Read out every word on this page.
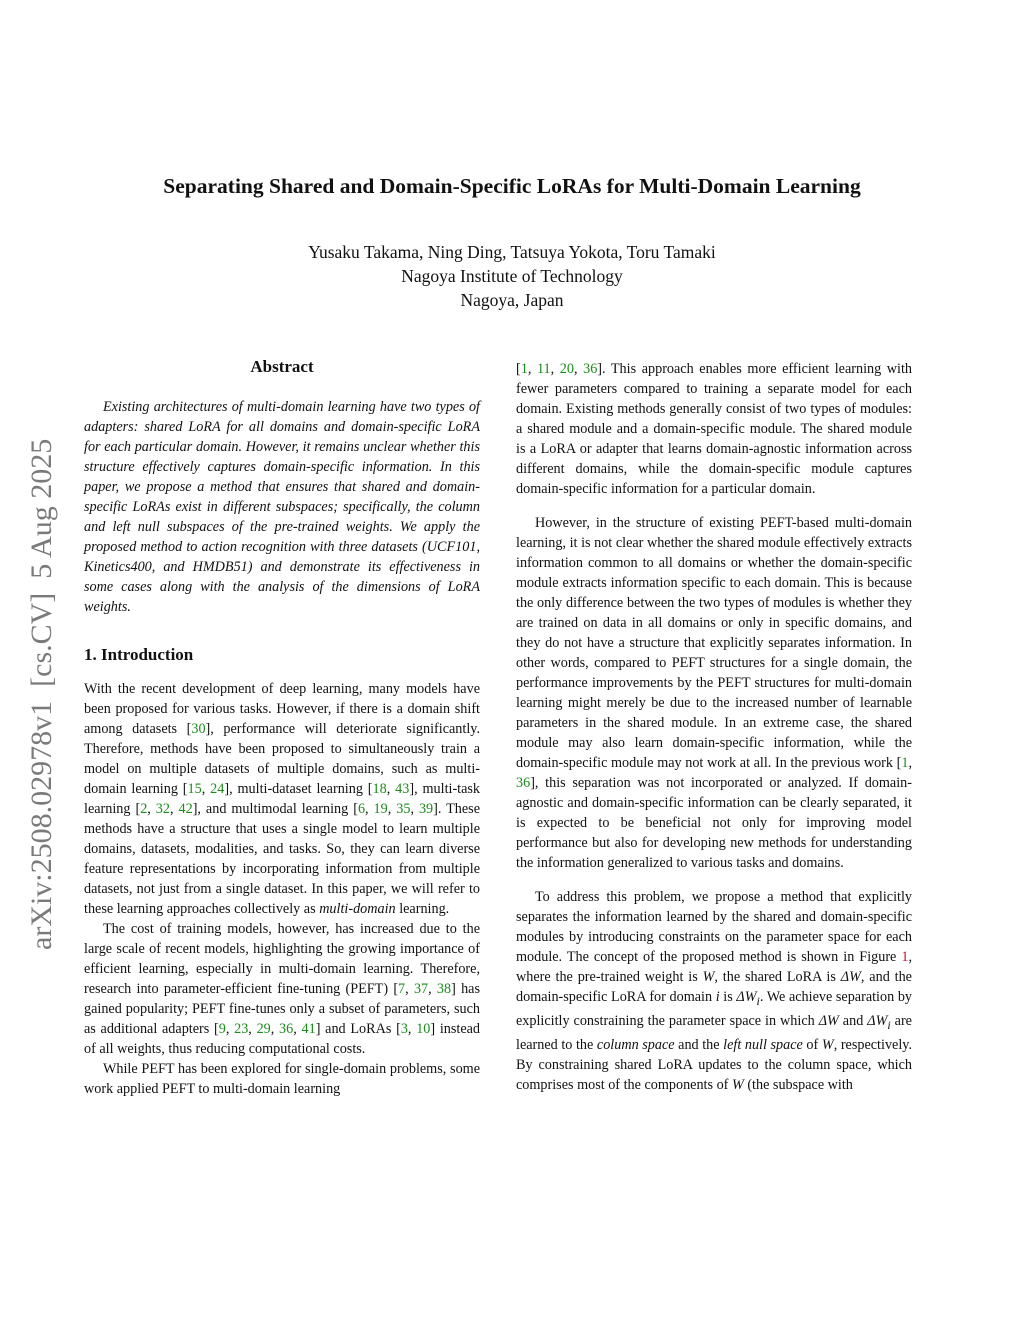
Separating Shared and Domain-Specific LoRAs for Multi-Domain Learning
Yusaku Takama, Ning Ding, Tatsuya Yokota, Toru Tamaki
Nagoya Institute of Technology
Nagoya, Japan
arXiv:2508.02978v1[cs.CV]5 Aug 2025
Abstract

Existing architectures of multi-domain learning have two types of adapters: shared LoRA for all domains and domain-specific LoRA for each particular domain. However, it remains unclear whether this structure effectively captures domain-specific information. In this paper, we propose a method that ensures that shared and domain-specific LoRAs exist in different subspaces; specifically, the column and left null subspaces of the pre-trained weights. We apply the proposed method to action recognition with three datasets (UCF101, Kinetics400, and HMDB51) and demonstrate its effectiveness in some cases along with the analysis of the dimensions of LoRA weights.

1. Introduction

With the recent development of deep learning, many models have been proposed for various tasks. However, if there is a domain shift among datasets [30], performance will deteriorate significantly. Therefore, methods have been proposed to simultaneously train a model on multiple datasets of multiple domains, such as multi-domain learning [15, 24], multi-dataset learning [18, 43], multi-task learning [2, 32, 42], and multimodal learning [6, 19, 35, 39]. These methods have a structure that uses a single model to learn multiple domains, datasets, modalities, and tasks. So, they can learn diverse feature representations by incorporating information from multiple datasets, not just from a single dataset. In this paper, we will refer to these learning approaches collectively as multi-domain learning.

The cost of training models, however, has increased due to the large scale of recent models, highlighting the growing importance of efficient learning, especially in multi-domain learning. Therefore, research into parameter-efficient fine-tuning (PEFT) [7, 37, 38] has gained popularity; PEFT fine-tunes only a subset of parameters, such as additional adapters [9, 23, 29, 36, 41] and LoRAs [3, 10] instead of all weights, thus reducing computational costs.

While PEFT has been explored for single-domain problems, some work applied PEFT to multi-domain learning

[1, 11, 20, 36]. This approach enables more efficient learning with fewer parameters compared to training a separate model for each domain. Existing methods generally consist of two types of modules: a shared module and a domain-specific module. The shared module is a LoRA or adapter that learns domain-agnostic information across different domains, while the domain-specific module captures domain-specific information for a particular domain.

However, in the structure of existing PEFT-based multi-domain learning, it is not clear whether the shared module effectively extracts information common to all domains or whether the domain-specific module extracts information specific to each domain. This is because the only difference between the two types of modules is whether they are trained on data in all domains or only in specific domains, and they do not have a structure that explicitly separates information. In other words, compared to PEFT structures for a single domain, the performance improvements by the PEFT structures for multi-domain learning might merely be due to the increased number of learnable parameters in the shared module. In an extreme case, the shared module may also learn domain-specific information, while the domain-specific module may not work at all. In the previous work [1, 36], this separation was not incorporated or analyzed. If domain-agnostic and domain-specific information can be clearly separated, it is expected to be beneficial not only for improving model performance but also for developing new methods for understanding the information generalized to various tasks and domains.

To address this problem, we propose a method that explicitly separates the information learned by the shared and domain-specific modules by introducing constraints on the parameter space for each module. The concept of the proposed method is shown in Figure 1, where the pre-trained weight is W, the shared LoRA is ΔW, and the domain-specific LoRA for domain i is $\Delta W_i$. We achieve separation by explicitly constraining the parameter space in which ΔW and $\Delta W_i$ are learned to the column space and the left null space of W, respectively. By constraining shared LoRA updates to the column space, which comprises most of the components of W (the subspace with
